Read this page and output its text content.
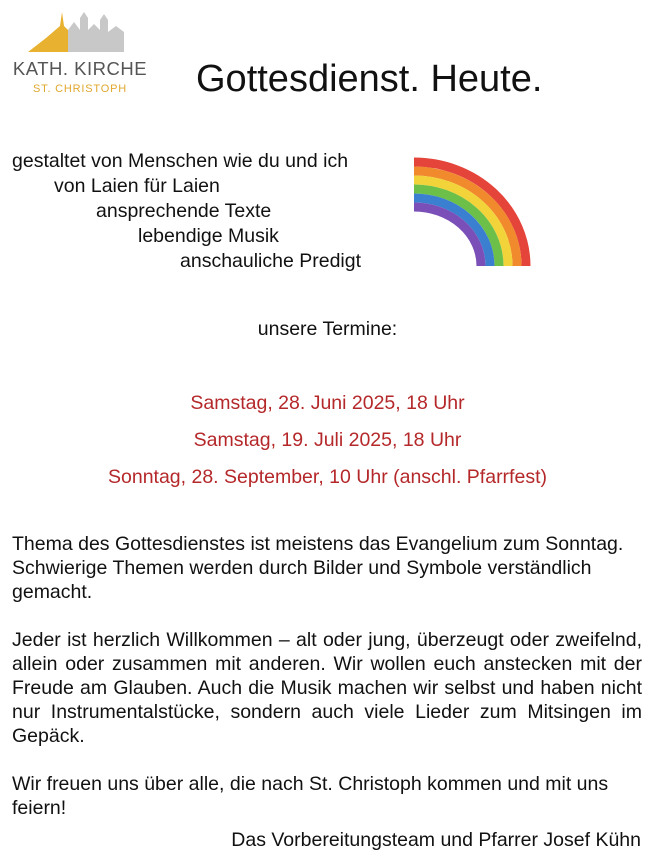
KATH. KIRCHE
ST. CHRISTOPH	Gottesdienst. Heute.
gestaltet von Menschen wie du und ich
von Laien für Laien
ansprechende Texte
lebendige Musik
anschauliche Predigt
unsere Termine:
Samstag, 28. Juni 2025, 18 Uhr
Samstag, 19. Juli 2025, 18 Uhr
Sonntag, 28. September, 10 Uhr (anschl. Pfarrfest)

Thema des Gottesdienstes ist meistens das Evangelium zum Sonntag. Schwierige Themen werden durch Bilder und Symbole verständlich gemacht.

Jeder ist herzlich Willkommen – alt oder jung, überzeugt oder zweifelnd, allein oder zusammen mit anderen. Wir wollen euch anstecken mit der Freude am Glauben. Auch die Musik machen wir selbst und haben nicht nur Instrumentalstücke, sondern auch viele Lieder zum Mitsingen im Gepäck.

Wir freuen uns über alle, die nach St. Christoph kommen und mit uns feiern!

Das Vorbereitungsteam und Pfarrer Josef Kühn
